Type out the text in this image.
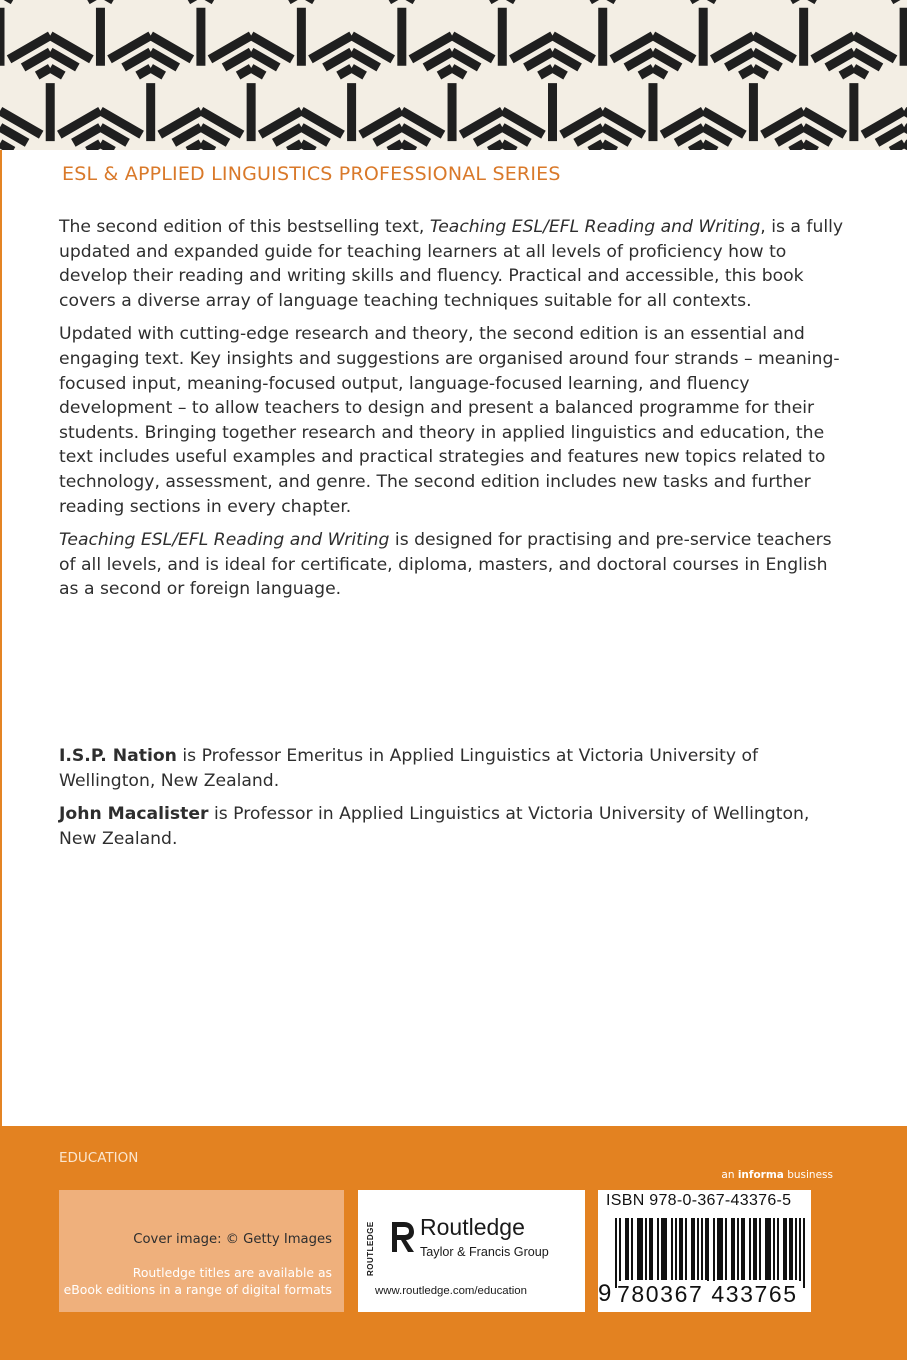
ESL & APPLIED LINGUISTICS PROFESSIONAL SERIES

The second edition of this bestselling text, Teaching ESL/EFL Reading and Writing, is a fully updated and expanded guide for teaching learners at all levels of proficiency how to develop their reading and writing skills and fluency. Practical and accessible, this book covers a diverse array of language teaching techniques suitable for all contexts.

Updated with cutting-edge research and theory, the second edition is an essential and engaging text. Key insights and suggestions are organised around four strands – meaning-focused input, meaning-focused output, language-focused learning, and fluency development – to allow teachers to design and present a balanced programme for their students. Bringing together research and theory in applied linguistics and education, the text includes useful examples and practical strategies and features new topics related to technology, assessment, and genre. The second edition includes new tasks and further reading sections in every chapter.

Teaching ESL/EFL Reading and Writing is designed for practising and pre-service teachers of all levels, and is ideal for certificate, diploma, masters, and doctoral courses in English as a second or foreign language.

I.S.P. Nation is Professor Emeritus in Applied Linguistics at Victoria University of Wellington, New Zealand.

John Macalister is Professor in Applied Linguistics at Victoria University of Wellington, New Zealand.

EDUCATION
an informa business
Cover image: © Getty Images
Routledge titles are available as
eBook editions in a range of digital formats
ROUTLEDGE Routledge
Taylor & Francis Group
www.routledge.com/education
ISBN 978-0-367-43376-5
9 780367 433765
